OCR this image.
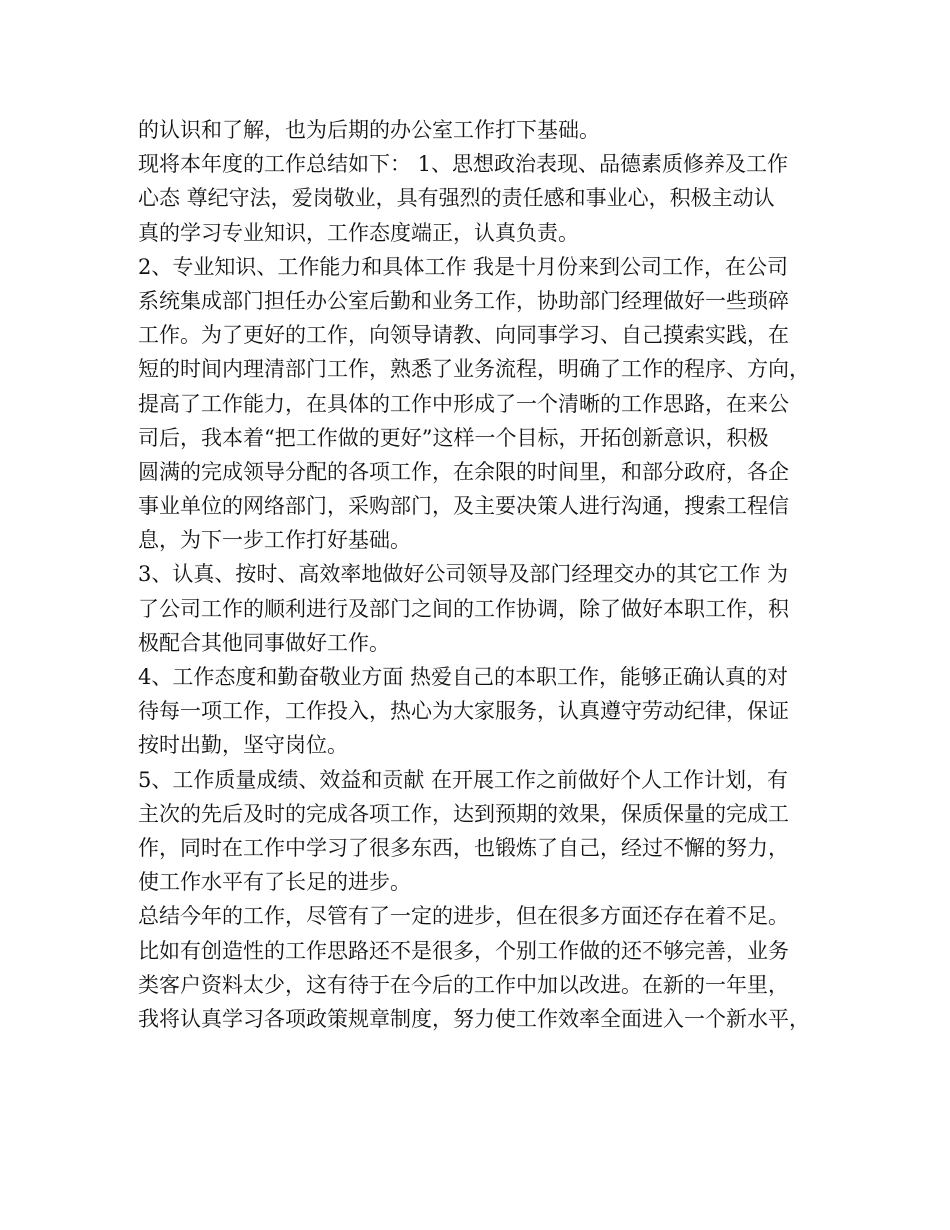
的认识和了解，也为后期的办公室工作打下基础。
现将本年度的工作总结如下： 1、思想政治表现、品德素质修养及工作
心态 尊纪守法，爱岗敬业，具有强烈的责任感和事业心，积极主动认
真的学习专业知识，工作态度端正，认真负责。
2、专业知识、工作能力和具体工作 我是十月份来到公司工作，在公司
系统集成部门担任办公室后勤和业务工作，协助部门经理做好一些琐碎
工作。为了更好的工作，向领导请教、向同事学习、自己摸索实践，在
短的时间内理清部门工作，熟悉了业务流程，明确了工作的程序、方向，
提高了工作能力，在具体的工作中形成了一个清晰的工作思路，在来公
司后，我本着“把工作做的更好”这样一个目标，开拓创新意识，积极
圆满的完成领导分配的各项工作，在余限的时间里，和部分政府，各企
事业单位的网络部门，采购部门，及主要决策人进行沟通，搜索工程信
息，为下一步工作打好基础。
3、认真、按时、高效率地做好公司领导及部门经理交办的其它工作 为
了公司工作的顺利进行及部门之间的工作协调，除了做好本职工作，积
极配合其他同事做好工作。
4、工作态度和勤奋敬业方面 热爱自己的本职工作，能够正确认真的对
待每一项工作，工作投入，热心为大家服务，认真遵守劳动纪律，保证
按时出勤，坚守岗位。
5、工作质量成绩、效益和贡献 在开展工作之前做好个人工作计划，有
主次的先后及时的完成各项工作，达到预期的效果，保质保量的完成工
作，同时在工作中学习了很多东西，也锻炼了自己，经过不懈的努力，
使工作水平有了长足的进步。
总结今年的工作，尽管有了一定的进步，但在很多方面还存在着不足。
比如有创造性的工作思路还不是很多，个别工作做的还不够完善，业务
类客户资料太少，这有待于在今后的工作中加以改进。在新的一年里，
我将认真学习各项政策规章制度，努力使工作效率全面进入一个新水平，
